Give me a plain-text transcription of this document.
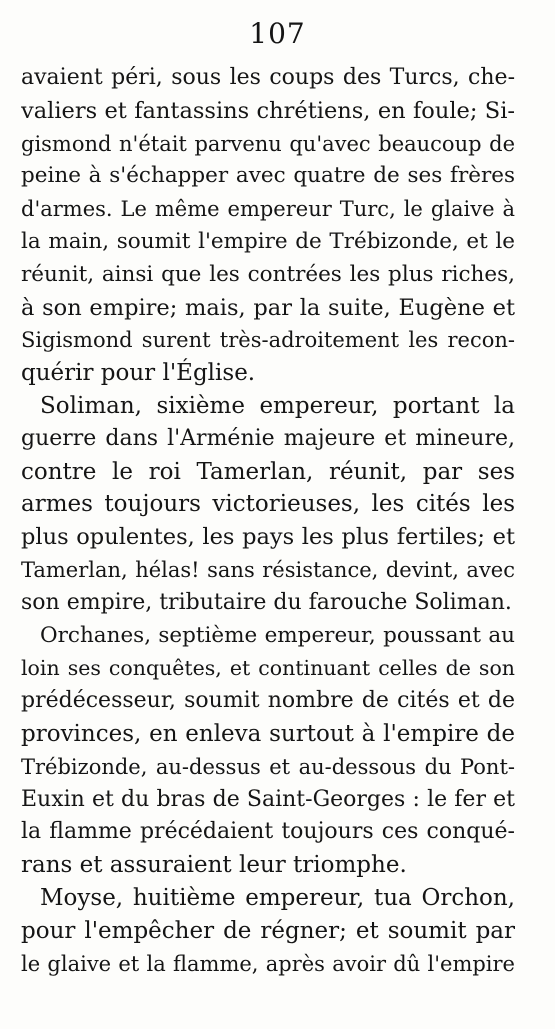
107
avaient péri, sous les coups des Turcs, che-
valiers et fantassins chrétiens, en foule; Si-
gismond n'était parvenu qu'avec beaucoup de
peine à s'échapper avec quatre de ses frères
d'armes. Le même empereur Turc, le glaive à
la main, soumit l'empire de Trébizonde, et le
réunit, ainsi que les contrées les plus riches,
à son empire; mais, par la suite, Eugène et
Sigismond surent très-adroitement les recon-
quérir pour l'Église.
Soliman, sixième empereur, portant la
guerre dans l'Arménie majeure et mineure,
contre le roi Tamerlan, réunit, par ses
armes toujours victorieuses, les cités les
plus opulentes, les pays les plus fertiles; et
Tamerlan, hélas! sans résistance, devint, avec
son empire, tributaire du farouche Soliman.
Orchanes, septième empereur, poussant au
loin ses conquêtes, et continuant celles de son
prédécesseur, soumit nombre de cités et de
provinces, en enleva surtout à l'empire de
Trébizonde, au-dessus et au-dessous du Pont-
Euxin et du bras de Saint-Georges : le fer et
la flamme précédaient toujours ces conqué-
rans et assuraient leur triomphe.
Moyse, huitième empereur, tua Orchon,
pour l'empêcher de régner; et soumit par
le glaive et la flamme, après avoir dû l'empire
